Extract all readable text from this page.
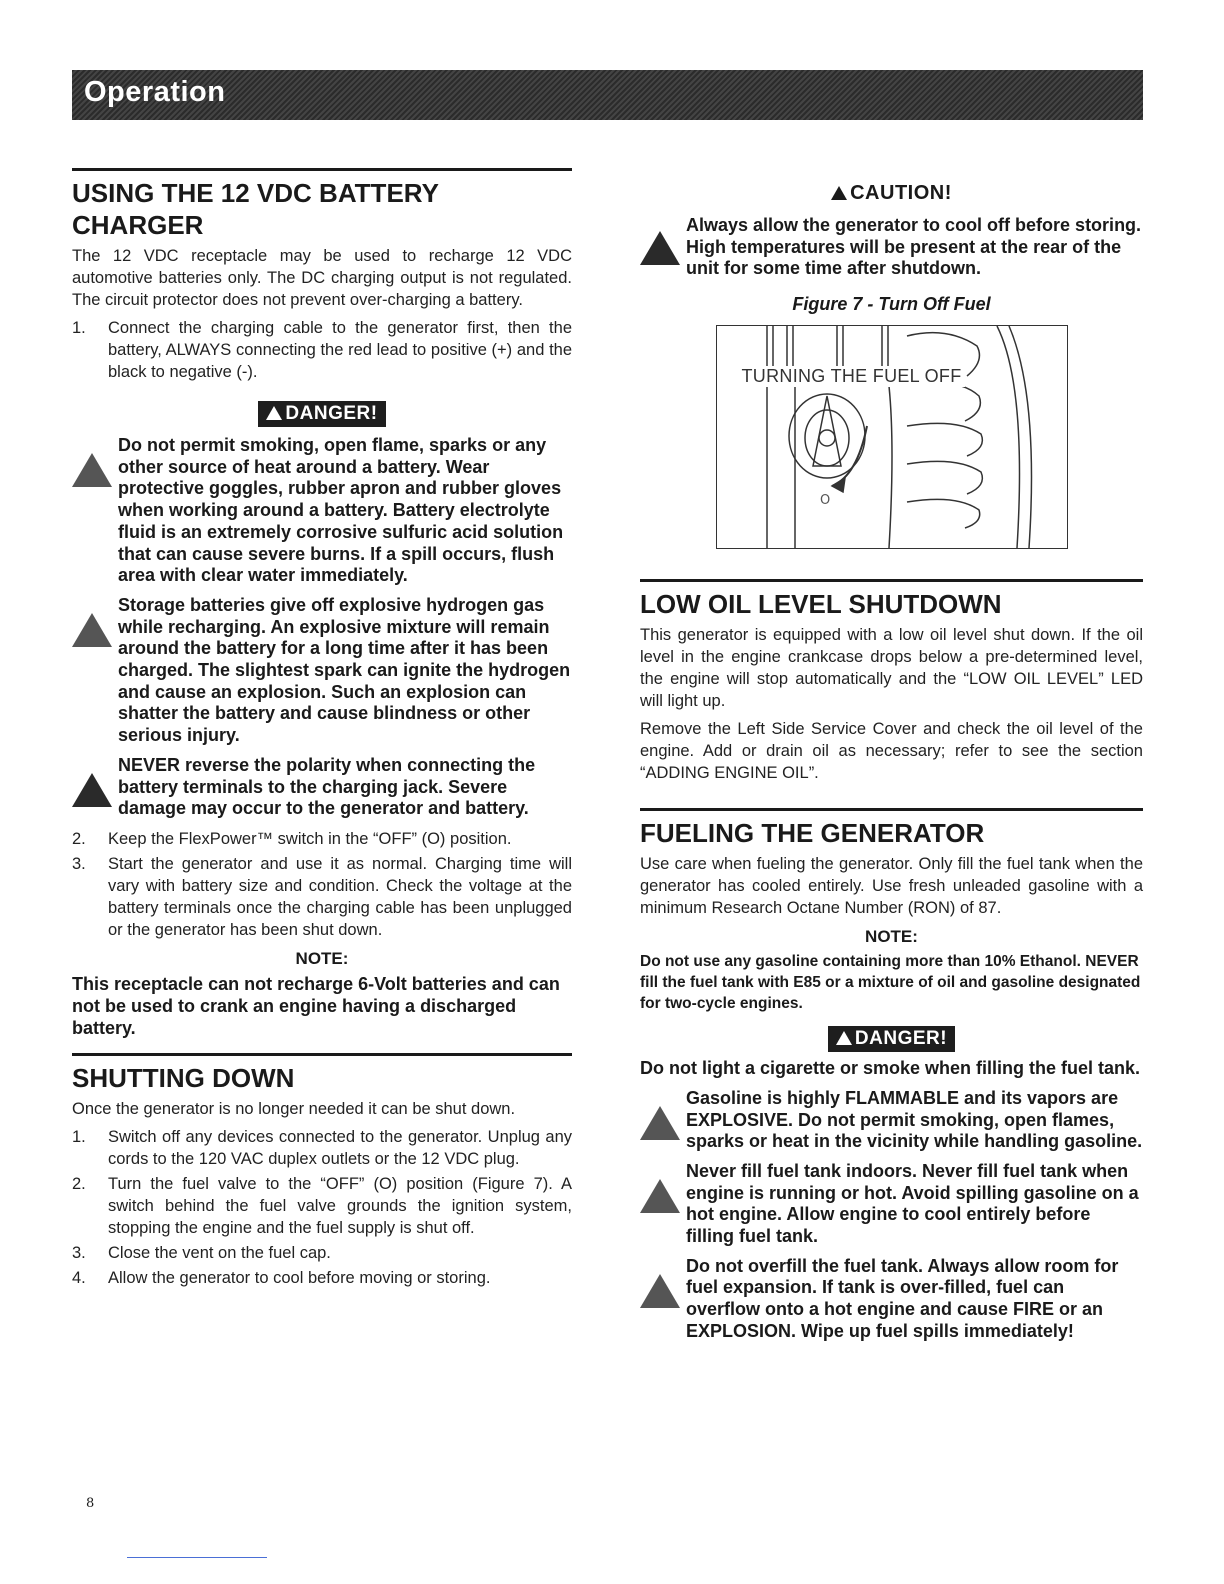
Operation
USING THE 12 VDC BATTERY
CHARGER

The 12 VDC receptacle may be used to recharge 12 VDC automotive batteries only. The DC charging output is not regulated. The circuit protector does not prevent over-charging a battery.

1. Connect the charging cable to the generator first, then the battery, ALWAYS connecting the red lead to positive (+) and the black to negative (-).
DANGER!

Do not permit smoking, open flame, sparks or any other source of heat around a battery. Wear protective goggles, rubber apron and rubber gloves when working around a battery. Battery electrolyte fluid is an extremely corrosive sulfuric acid solution that can cause severe burns. If a spill occurs, flush area with clear water immediately.

Storage batteries give off explosive hydrogen gas while recharging. An explosive mixture will remain around the battery for a long time after it has been charged. The slightest spark can ignite the hydrogen and cause an explosion. Such an explosion can shatter the battery and cause blindness or other serious injury.

NEVER reverse the polarity when connecting the battery terminals to the charging jack. Severe damage may occur to the generator and battery.

2. Keep the FlexPower™ switch in the “OFF” (O) position.
3. Start the generator and use it as normal. Charging time will vary with battery size and condition. Check the voltage at the battery terminals once the charging cable has been unplugged or the generator has been shut down.
NOTE:

This receptacle can not recharge 6-Volt batteries and can not be used to crank an engine having a discharged battery.

SHUTTING DOWN

Once the generator is no longer needed it can be shut down.

1. Switch off any devices connected to the generator. Unplug any cords to the 120 VAC duplex outlets or the 12 VDC plug.
2. Turn the fuel valve to the “OFF” (O) position (Figure 7). A switch behind the fuel valve grounds the ignition system, stopping the engine and the fuel supply is shut off.
3. Close the vent on the fuel cap.
4. Allow the generator to cool before moving or storing.
CAUTION!

Always allow the generator to cool off before storing. High temperatures will be present at the rear of the unit for some time after shutdown.

Figure 7 - Turn Off Fuel
O
TURNING THE FUEL OFF
LOW OIL LEVEL SHUTDOWN

This generator is equipped with a low oil level shut down. If the oil level in the engine crankcase drops below a pre-determined level, the engine will stop automatically and the “LOW OIL LEVEL” LED will light up.

Remove the Left Side Service Cover and check the oil level of the engine. Add or drain oil as necessary; refer to see the section “ADDING ENGINE OIL”.

FUELING THE GENERATOR

Use care when fueling the generator. Only fill the fuel tank when the generator has cooled entirely. Use fresh unleaded gasoline with a minimum Research Octane Number (RON) of 87.

NOTE:

Do not use any gasoline containing more than 10% Ethanol. NEVER fill the fuel tank with E85 or a mixture of oil and gasoline designated for two-cycle engines.

DANGER!

Do not light a cigarette or smoke when filling the fuel tank.

Gasoline is highly FLAMMABLE and its vapors are EXPLOSIVE. Do not permit smoking, open flames, sparks or heat in the vicinity while handling gasoline.

Never fill fuel tank indoors. Never fill fuel tank when engine is running or hot. Avoid spilling gasoline on a hot engine. Allow engine to cool entirely before filling fuel tank.

Do not overfill the fuel tank. Always allow room for fuel expansion. If tank is over-filled, fuel can overflow onto a hot engine and cause FIRE or an EXPLOSION. Wipe up fuel spills immediately!

8
